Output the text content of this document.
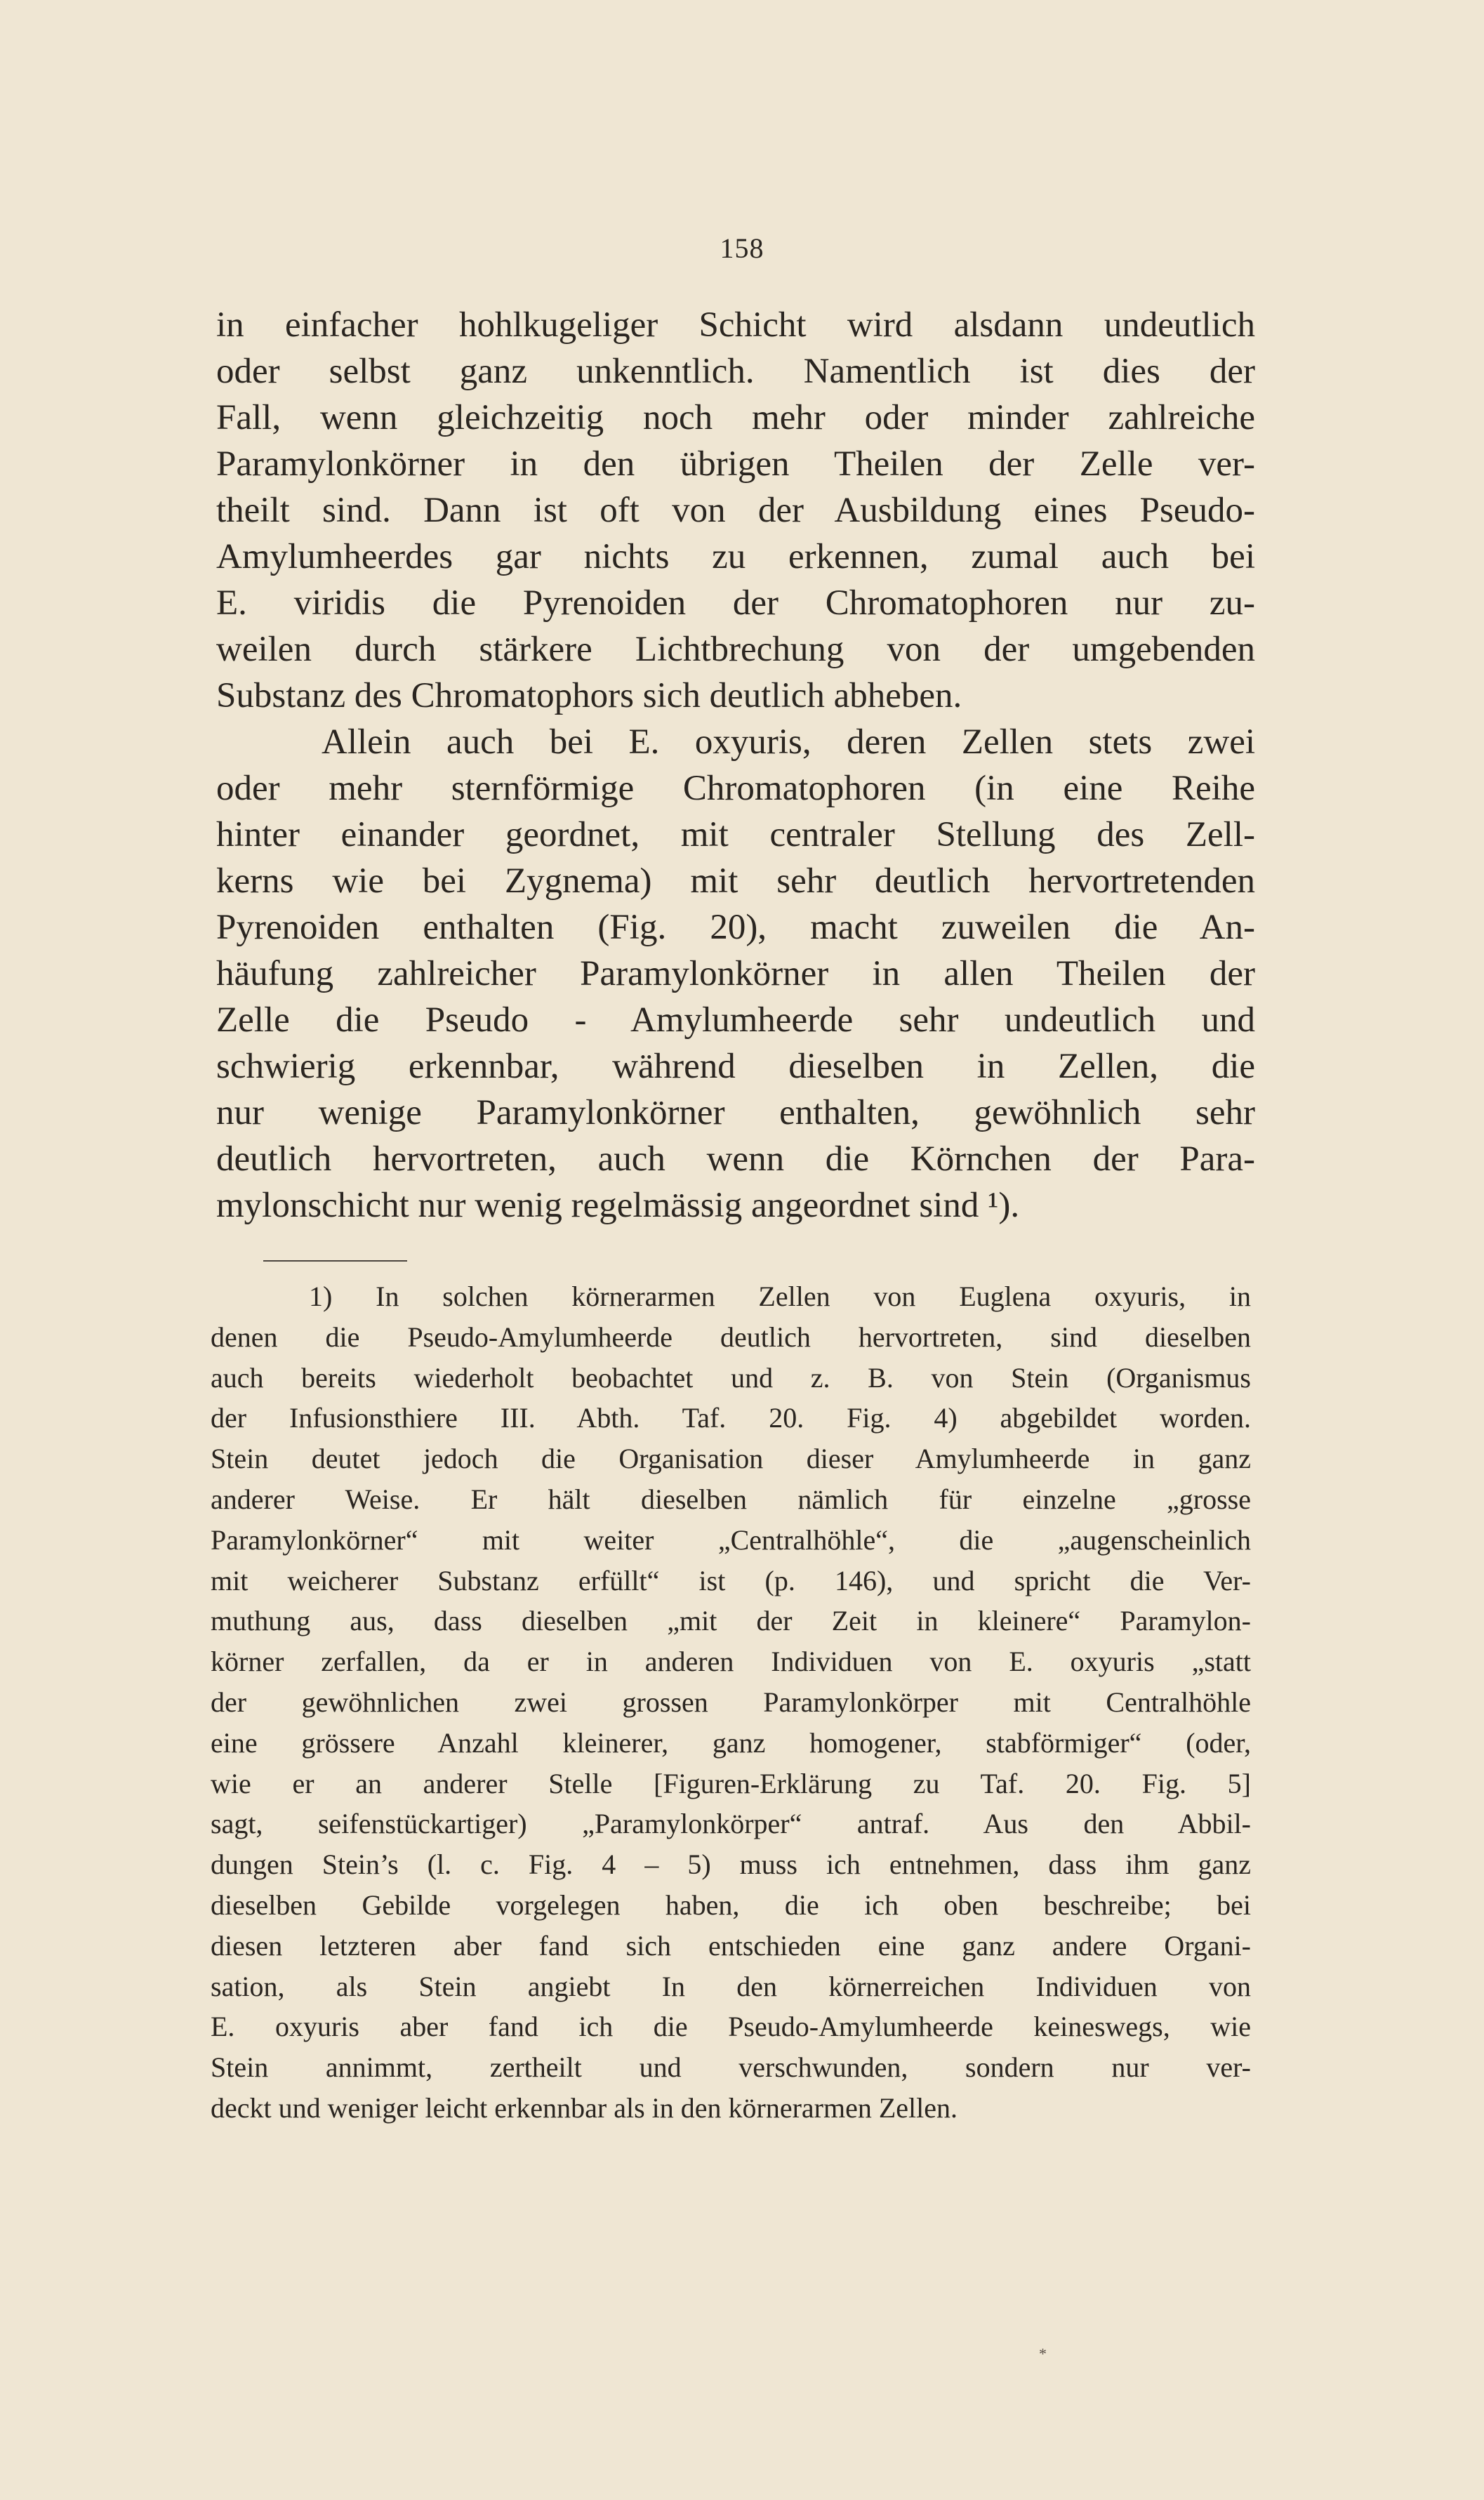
158
in einfacher hohlkugeliger Schicht wird alsdann undeutlich
oder selbst ganz unkenntlich. Namentlich ist dies der
Fall, wenn gleichzeitig noch mehr oder minder zahlreiche
Paramylonkörner in den übrigen Theilen der Zelle ver-
theilt sind. Dann ist oft von der Ausbildung eines Pseudo-
Amylumheerdes gar nichts zu erkennen, zumal auch bei
E. viridis die Pyrenoiden der Chromatophoren nur zu-
weilen durch stärkere Lichtbrechung von der umgebenden
Substanz des Chromatophors sich deutlich abheben.
Allein auch bei E. oxyuris, deren Zellen stets zwei
oder mehr sternförmige Chromatophoren (in eine Reihe
hinter einander geordnet, mit centraler Stellung des Zell-
kerns wie bei Zygnema) mit sehr deutlich hervortretenden
Pyrenoiden enthalten (Fig. 20), macht zuweilen die An-
häufung zahlreicher Paramylonkörner in allen Theilen der
Zelle die Pseudo - Amylumheerde sehr undeutlich und
schwierig erkennbar, während dieselben in Zellen, die
nur wenige Paramylonkörner enthalten, gewöhnlich sehr
deutlich hervortreten, auch wenn die Körnchen der Para-
mylonschicht nur wenig regelmässig angeordnet sind ¹).
1) In solchen körnerarmen Zellen von Euglena oxyuris, in
denen die Pseudo-Amylumheerde deutlich hervortreten, sind dieselben
auch bereits wiederholt beobachtet und z. B. von Stein (Organismus
der Infusionsthiere III. Abth. Taf. 20. Fig. 4) abgebildet worden.
Stein deutet jedoch die Organisation dieser Amylumheerde in ganz
anderer Weise. Er hält dieselben nämlich für einzelne „grosse
Paramylonkörner“ mit weiter „Centralhöhle“, die „augenscheinlich
mit weicherer Substanz erfüllt“ ist (p. 146), und spricht die Ver-
muthung aus, dass dieselben „mit der Zeit in kleinere“ Paramylon-
körner zerfallen, da er in anderen Individuen von E. oxyuris „statt
der gewöhnlichen zwei grossen Paramylonkörper mit Centralhöhle
eine grössere Anzahl kleinerer, ganz homogener, stabförmiger“ (oder,
wie er an anderer Stelle [Figuren-Erklärung zu Taf. 20. Fig. 5]
sagt, seifenstückartiger) „Paramylonkörper“ antraf. Aus den Abbil-
dungen Stein’s (l. c. Fig. 4 – 5) muss ich entnehmen, dass ihm ganz
dieselben Gebilde vorgelegen haben, die ich oben beschreibe; bei
diesen letzteren aber fand sich entschieden eine ganz andere Organi-
sation, als Stein angiebt In den körnerreichen Individuen von
E. oxyuris aber fand ich die Pseudo-Amylumheerde keineswegs, wie
Stein annimmt, zertheilt und verschwunden, sondern nur ver-
deckt und weniger leicht erkennbar als in den körnerarmen Zellen.
*
